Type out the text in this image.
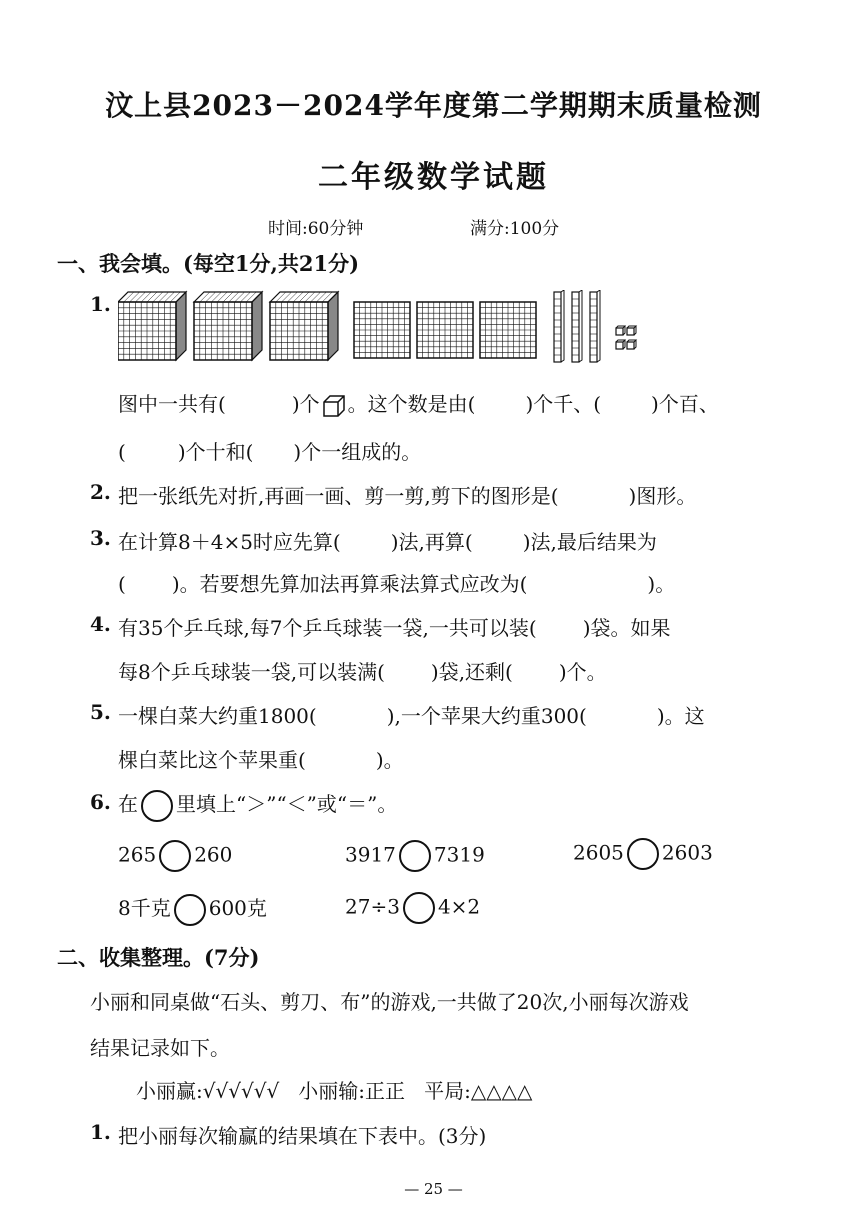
汶上县2023－2024学年度第二学期期末质量检测
二年级数学试题
时间:60分钟	满分:100分
一、我会填。(每空1分,共21分)
1.
图中一共有(	)个 。这个数是由(	)个千、(	)个百、
(	)个十和( )个一组成的。
2. 把一张纸先对折,再画一画、剪一剪,剪下的图形是(	)图形。
3. 在计算8＋4×5时应先算(	)法,再算(	)法,最后结果为
( )。若要想先算加法再算乘法算式应改为(	)。
4. 有35个乒乓球,每7个乒乓球装一袋,一共可以装( )袋。如果
每8个乒乓球装一袋,可以装满( )袋,还剩( )个。
5. 一棵白菜大约重1800(	),一个苹果大约重300(	)。这
棵白菜比这个苹果重(	)。
6. 在 里填上“＞”“＜”或“＝”。
265 260	3917 7319	2605 2603
8千克 600克	27÷3 4×2
二、收集整理。(7分)
小丽和同桌做“石头、剪刀、布”的游戏,一共做了20次,小丽每次游戏
结果记录如下。
小丽赢:√√√√√√   小丽输:正正   平局:△△△△
1. 把小丽每次输赢的结果填在下表中。(3分)
— 25 —
